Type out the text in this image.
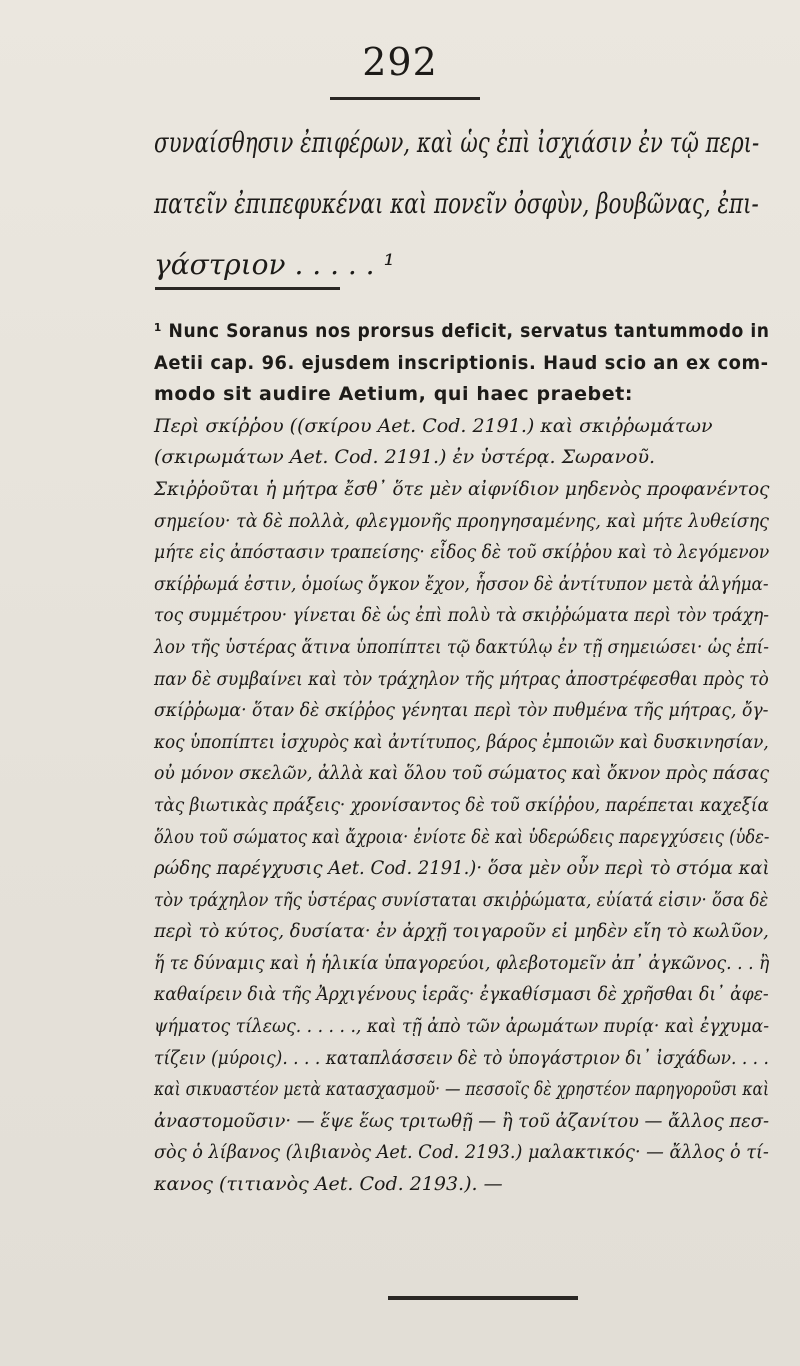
292
συναίσθησιν ἐπιφέρων, καὶ ὡς ἐπὶ ἰσχιάσιν ἐν τῷ περι-
πατεῖν ἐπιπεφυκέναι καὶ πονεῖν ὀσφὺν, βουβῶνας, ἐπι-
γάστριον . . . . . ¹
¹ Nunc Soranus nos prorsus deficit, servatus tantummodo in
Aetii cap. 96. ejusdem inscriptionis. Haud scio an ex com-
modo sit audire Aetium, qui haec praebet:
Περὶ σκίῤῥου ((σκίρου Aet. Cod. 2191.) καὶ σκιῤῥωμάτων
(σκιρωμάτων Aet. Cod. 2191.) ἐν ὑστέρᾳ. Σωρανοῦ.
Σκιῤῥοῦται ἡ μήτρα ἔσθ᾽ ὅτε μὲν αἰφνίδιον μηδενὸς προφανέντος
σημείου· τὰ δὲ πολλὰ, φλεγμονῆς προηγησαμένης, καὶ μήτε λυθείσης
μήτε εἰς ἀπόστασιν τραπείσης· εἶδος δὲ τοῦ σκίῤῥου καὶ τὸ λεγόμενον
σκίῤῥωμά ἐστιν, ὁμοίως ὄγκον ἔχον, ἧσσον δὲ ἀντίτυπον μετὰ ἀλγήμα-
τος συμμέτρου· γίνεται δὲ ὡς ἐπὶ πολὺ τὰ σκιῤῥώματα περὶ τὸν τράχη-
λον τῆς ὑστέρας ἅτινα ὑποπίπτει τῷ δακτύλῳ ἐν τῇ σημειώσει· ὡς ἐπί-
παν δὲ συμβαίνει καὶ τὸν τράχηλον τῆς μήτρας ἀποστρέφεσθαι πρὸς τὸ
σκίῤῥωμα· ὅταν δὲ σκίῤῥος γένηται περὶ τὸν πυθμένα τῆς μήτρας, ὄγ-
κος ὑποπίπτει ἰσχυρὸς καὶ ἀντίτυπος, βάρος ἐμποιῶν καὶ δυσκινησίαν,
οὐ μόνον σκελῶν, ἀλλὰ καὶ ὅλου τοῦ σώματος καὶ ὄκνον πρὸς πάσας
τὰς βιωτικὰς πράξεις· χρονίσαντος δὲ τοῦ σκίῤῥου, παρέπεται καχεξία
ὅλου τοῦ σώματος καὶ ἄχροια· ἐνίοτε δὲ καὶ ὑδερώδεις παρεγχύσεις (ὑδε-
ρώδης παρέγχυσις Aet. Cod. 2191.)· ὅσα μὲν οὖν περὶ τὸ στόμα καὶ
τὸν τράχηλον τῆς ὑστέρας συνίσταται σκιῤῥώματα, εὐίατά εἰσιν· ὅσα δὲ
περὶ τὸ κύτος, δυσίατα· ἐν ἀρχῇ τοιγαροῦν εἰ μηδὲν εἴη τὸ κωλῦον,
ἥ τε δύναμις καὶ ἡ ἡλικία ὑπαγορεύοι, φλεβοτομεῖν ἀπ᾽ ἀγκῶνος. . . ἢ
καθαίρειν διὰ τῆς Ἀρχιγένους ἱερᾶς· ἐγκαθίσμασι δὲ χρῆσθαι δι᾽ ἀφε-
ψήματος τίλεως. . . . . ., καὶ τῇ ἀπὸ τῶν ἀρωμάτων πυρίᾳ· καὶ ἐγχυμα-
τίζειν (μύροις). . . . καταπλάσσειν δὲ τὸ ὑπογάστριον δι᾽ ἰσχάδων. . . .
καὶ σικυαστέον μετὰ κατασχασμοῦ· — πεσσοῖς δὲ χρηστέον παρηγοροῦσι καὶ
ἀναστομοῦσιν· — ἕψε ἕως τριτωθῇ — ἢ τοῦ ἀζανίτου — ἄλλος πεσ-
σὸς ὁ λίβανος (λιβιανὸς Aet. Cod. 2193.) μαλακτικός· — ἄλλος ὁ τί-
κανος (τιτιανὸς Aet. Cod. 2193.). —
